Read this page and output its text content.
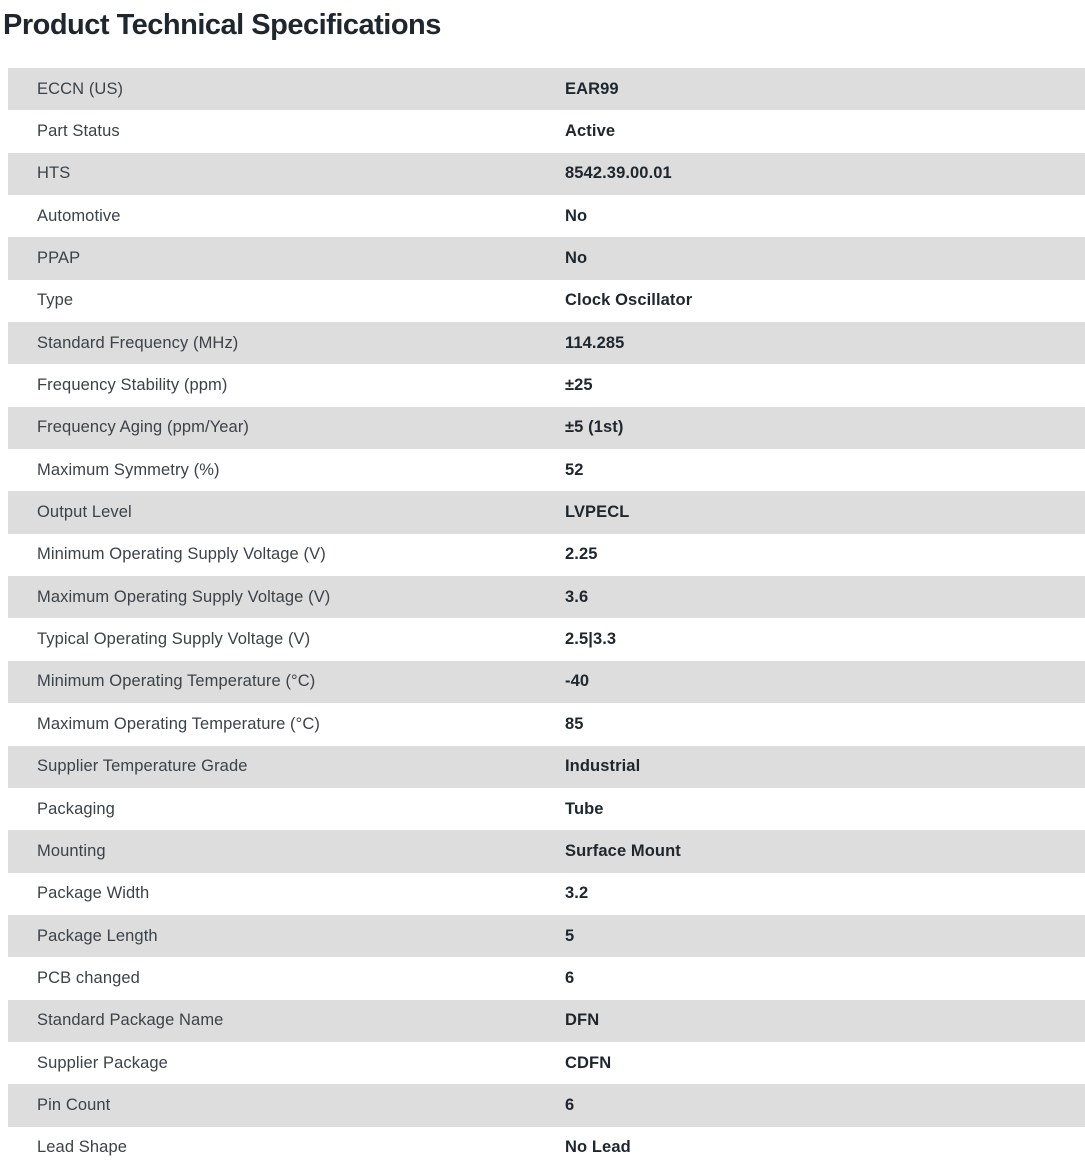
Product Technical Specifications
ECCN (US)	EAR99
Part Status	Active
HTS	8542.39.00.01
Automotive	No
PPAP	No
Type	Clock Oscillator
Standard Frequency (MHz)	114.285
Frequency Stability (ppm)	±25
Frequency Aging (ppm/Year)	±5 (1st)
Maximum Symmetry (%)	52
Output Level	LVPECL
Minimum Operating Supply Voltage (V)	2.25
Maximum Operating Supply Voltage (V)	3.6
Typical Operating Supply Voltage (V)	2.5|3.3
Minimum Operating Temperature (°C)	-40
Maximum Operating Temperature (°C)	85
Supplier Temperature Grade	Industrial
Packaging	Tube
Mounting	Surface Mount
Package Width	3.2
Package Length	5
PCB changed	6
Standard Package Name	DFN
Supplier Package	CDFN
Pin Count	6
Lead Shape	No Lead
